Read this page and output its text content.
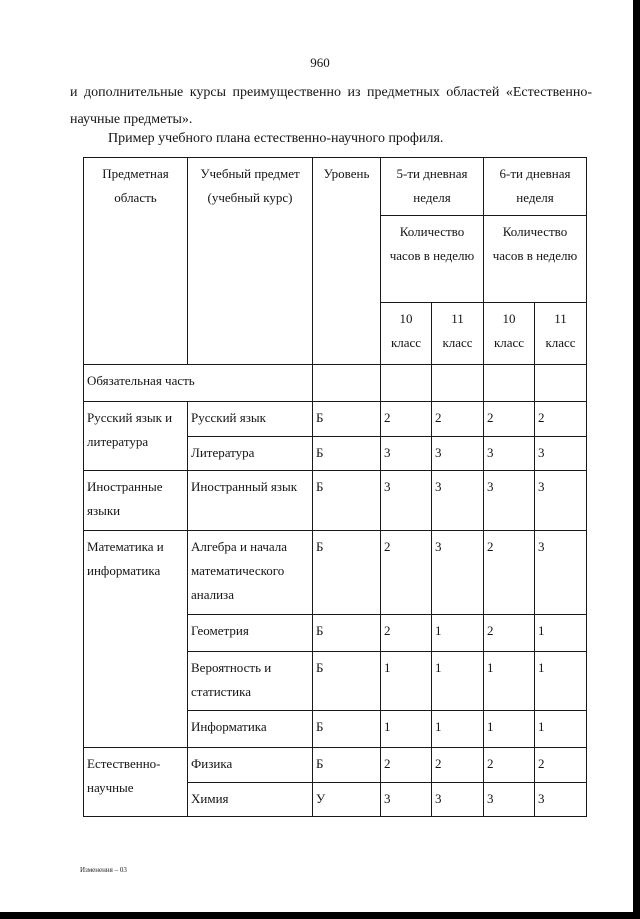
960

и дополнительные курсы преимущественно из предметных областей «Естественно-научные предметы».

Пример учебного плана естественно-научного профиля.

Предметная область	Учебный предмет (учебный курс)	Уровень	5-ти дневная неделя		6-ти дневная неделя	
			Количество часов в неделю		Количество часов в неделю	
			10 класс	11 класс	10 класс	11 класс
Обязательная часть						
Русский язык и литература	Русский язык	Б	2	2	2	2
	Литература	Б	3	3	3	3
Иностранные языки	Иностранный язык	Б	3	3	3	3
Математика и информатика	Алгебра и начала математического анализа	Б	2	3	2	3
	Геометрия	Б	2	1	2	1
	Вероятность и статистика	Б	1	1	1	1
	Информатика	Б	1	1	1	1
Естественно-научные	Физика	Б	2	2	2	2
	Химия	У	3	3	3	3
Изменения – 03
